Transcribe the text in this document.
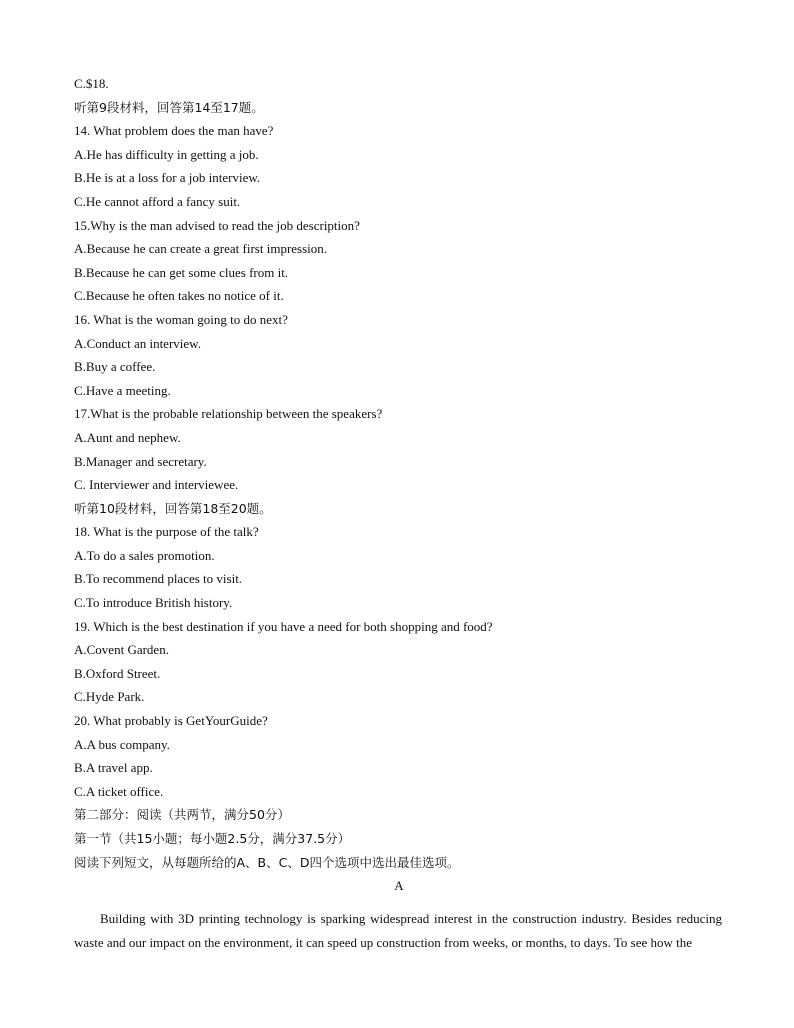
C.$18.
听第9段材料，回答第14至17题。
14. What problem does the man have?
A.He has difficulty in getting a job.
B.He is at a loss for a job interview.
C.He cannot afford a fancy suit.
15.Why is the man advised to read the job description?
A.Because he can create a great first impression.
B.Because he can get some clues from it.
C.Because he often takes no notice of it.
16. What is the woman going to do next?
A.Conduct an interview.
B.Buy a coffee.
C.Have a meeting.
17.What is the probable relationship between the speakers?
A.Aunt and nephew.
B.Manager and secretary.
C. Interviewer and interviewee.
听第10段材料，回答第18至20题。
18. What is the purpose of the talk?
A.To do a sales promotion.
B.To recommend places to visit.
C.To introduce British history.
19. Which is the best destination if you have a need for both shopping and food?
A.Covent Garden.
B.Oxford Street.
C.Hyde Park.
20. What probably is GetYourGuide?
A.A bus company.
B.A travel app.
C.A ticket office.
第二部分：阅读（共两节，满分50分）
第一节（共15小题；每小题2.5分，满分37.5分）
阅读下列短文，从每题所给的A、B、C、D四个选项中选出最佳选项。
A

Building with 3D printing technology is sparking widespread interest in the construction industry. Besides reducing waste and our impact on the environment, it can speed up construction from weeks, or months, to days. To see how the
